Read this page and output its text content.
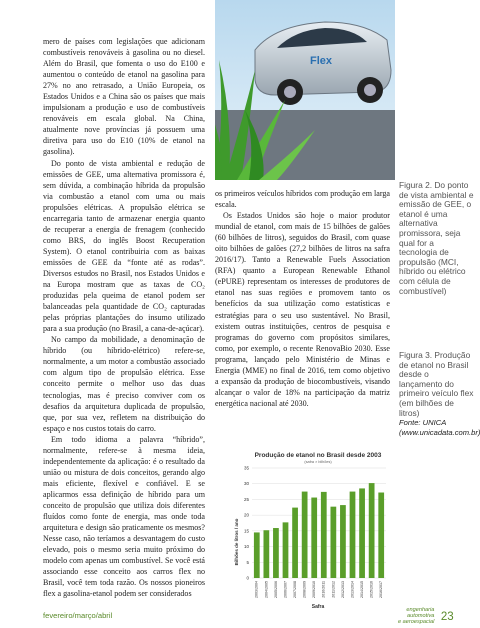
mero de países com legislações que adicionam combustíveis renováveis à gasolina ou no diesel. Além do Brasil, que fomenta o uso do E100 e aumentou o conteúdo de etanol na gasolina para 27% no ano retrasado, a União Europeia, os Estados Unidos e a China são os países que mais impulsionam a produção e uso de combustíveis renováveis em escala global. Na China, atualmente nove províncias já possuem uma diretiva para uso do E10 (10% de etanol na gasolina).

Do ponto de vista ambiental e redução de emissões de GEE, uma alternativa promissora é, sem dúvida, a combinação híbrida da propulsão via combustão a etanol com uma ou mais propulsões elétricas. A propulsão elétrica se encarregaria tanto de armazenar energia quanto de recuperar a energia de frenagem (conhecido como BRS, do inglês Boost Recuperation System). O etanol contribuiria com as baixas emissões de GEE da “fonte até as rodas”. Diversos estudos no Brasil, nos Estados Unidos e na Europa mostram que as taxas de CO₂ produzidas pela queima de etanol podem ser balanceadas pela quantidade de CO₂ capturadas pelas próprias plantações do insumo utilizado para a sua produção (no Brasil, a cana-de-açúcar).

No campo da mobilidade, a denominação de híbrido (ou híbrido-elétrico) refere-se, normalmente, a um motor a combustão associado com algum tipo de propulsão elétrica. Esse conceito permite o melhor uso das duas tecnologias, mas é preciso conviver com os desafios da arquitetura duplicada de propulsão, que, por sua vez, refletem na distribuição do espaço e nos custos totais do carro.

Em todo idioma a palavra “híbrido”, normalmente, refere-se à mesma ideia, independentemente da aplicação: é o resultado da união ou mistura de dois conceitos, gerando algo mais eficiente, flexível e confiável. E se aplicarmos essa definição de híbrido para um conceito de propulsão que utiliza dois diferentes fluídos como fonte de energia, mas onde toda arquitetura e design são praticamente os mesmos? Nesse caso, não teríamos a desvantagem do custo elevado, pois o mesmo seria muito próximo do modelo com apenas um combustível. Se você está associando esse conceito aos carros flex no Brasil, você tem toda razão. Os nossos pioneiros flex a gasolina-etanol podem ser considerados

Flex

os primeiros veículos híbridos com produção em larga escala.

Os Estados Unidos são hoje o maior produtor mundial de etanol, com mais de 15 bilhões de galões (60 bilhões de litros), seguidos do Brasil, com quase oito bilhões de galões (27,2 bilhões de litros na safra 2016/17). Tanto a Renewable Fuels Association (RFA) quanto a European Renewable Ethanol (ePURE) representam os interesses de produtores de etanol nas suas regiões e promovem tanto os benefícios da sua utilização como estatísticas e estratégias para o seu uso sustentável. No Brasil, existem outras instituições, centros de pesquisa e programas do governo com propósitos similares, como, por exemplo, o recente RenovaBio 2030. Esse programa, lançado pelo Ministério de Minas e Energia (MME) no final de 2016, tem como objetivo a expansão da produção de biocombustíveis, visando alcançar o valor de 18% na participação da matriz energética nacional até 2030.

Figura 2. Do ponto de vista ambiental e emissão de GEE, o etanol é uma alternativa promissora, seja qual for a tecnologia de propulsão (MCI, híbrido ou elétrico com célula de combustível)
Figura 3. Produção de etanol no Brasil desde o lançamento do primeiro veículo flex (em bilhões de litros)
Fonte: UNICA (www.unicadata.com.br)
Produção de etanol no Brasil desde 2003
(safra × bilhões)
Bilhões de litros / ano
Safra
0
5
10
15
20
25
30
35
2003/2004 2004/2005 2005/2006 2006/2007 2007/2008 2008/2009 2009/2010 2010/2011 2011/2012 2012/2013 2013/2014 2014/2015 2015/2016 2016/2017
fevereiro/março/abril
engenharia
automotiva
e aeroespacial 23
